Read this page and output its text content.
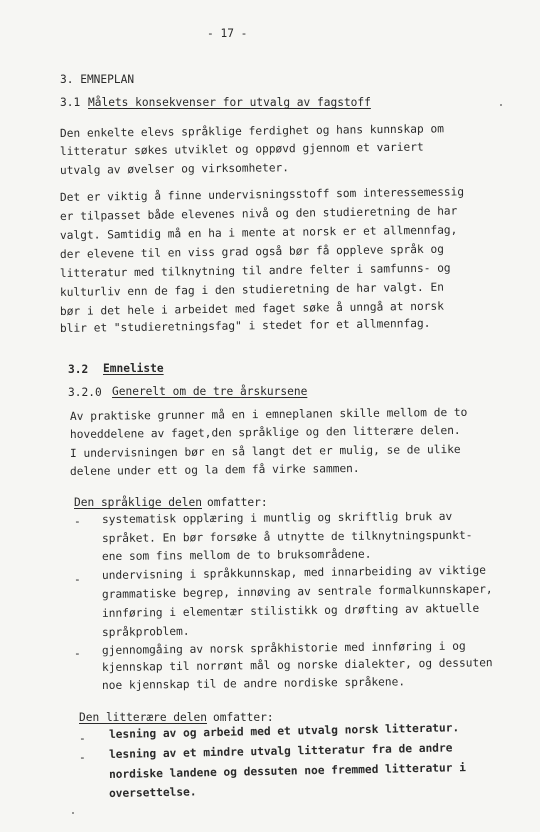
- 17 -
3. EMNEPLAN
3.1 Målets konsekvenser for utvalg av fagstoff
Den enkelte elevs språklige ferdighet og hans kunnskap om
litteratur søkes utviklet og oppøvd gjennom et variert
utvalg av øvelser og virksomheter.
Det er viktig å finne undervisningsstoff som interessemessig
er tilpasset både elevenes nivå og den studieretning de har
valgt. Samtidig må en ha i mente at norsk er et allmennfag,
der elevene til en viss grad også bør få oppleve språk og
litteratur med tilknytning til andre felter i samfunns- og
kulturliv enn de fag i den studieretning de har valgt. En
bør i det hele i arbeidet med faget søke å unngå at norsk
blir et "studieretningsfag" i stedet for et allmennfag.
3.2 Emneliste
3.2.0 Generelt om de tre årskursene
Av praktiske grunner må en i emneplanen skille mellom de to
hoveddelene av faget,den språklige og den litterære delen.
I undervisningen bør en så langt det er mulig, se de ulike
delene under ett og la dem få virke sammen.
Den språklige delen omfatter:
- systematisk opplæring i muntlig og skriftlig bruk av
språket. En bør forsøke å utnytte de tilknytningspunkt-
ene som fins mellom de to bruksområdene.
- undervisning i språkkunnskap, med innarbeiding av viktige
grammatiske begrep, innøving av sentrale formalkunnskaper,
innføring i elementær stilistikk og drøfting av aktuelle
språkproblem.
- gjennomgåing av norsk språkhistorie med innføring i og
kjennskap til norrønt mål og norske dialekter, og dessuten
noe kjennskap til de andre nordiske språkene.
Den litterære delen omfatter:
- lesning av og arbeid med et utvalg norsk litteratur.
- lesning av et mindre utvalg litteratur fra de andre
nordiske landene og dessuten noe fremmed litteratur i
oversettelse.
